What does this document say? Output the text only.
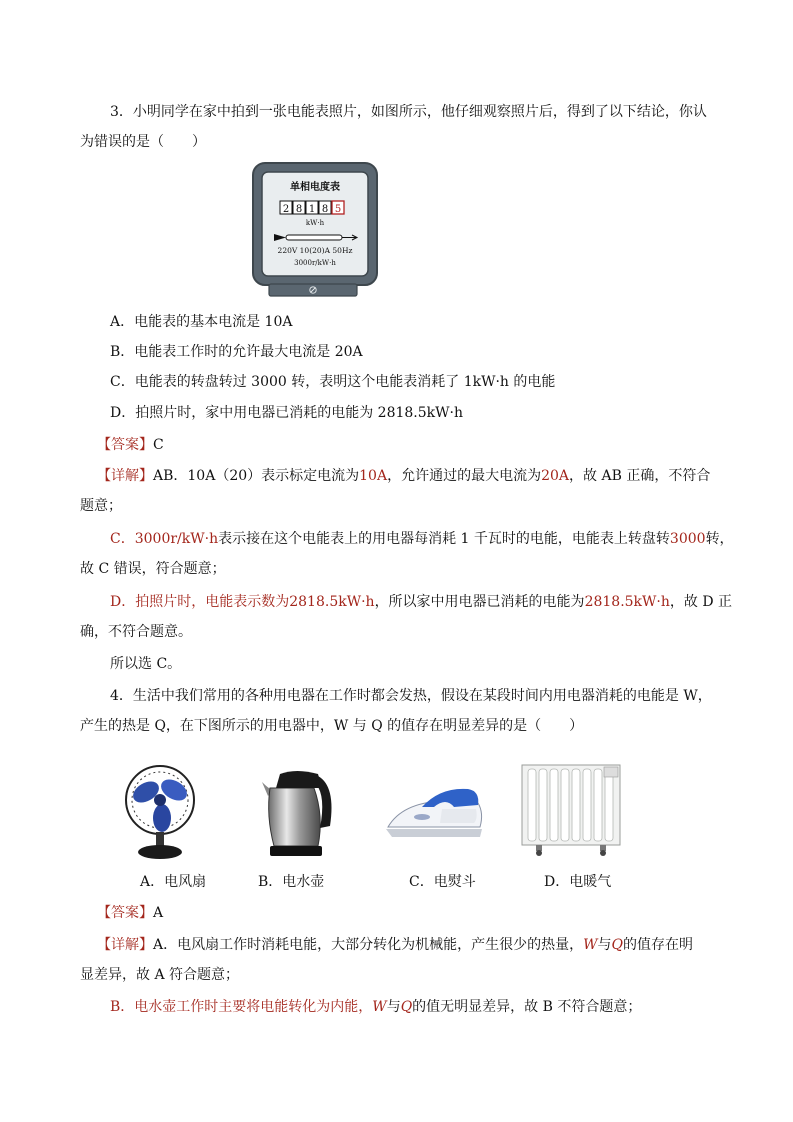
3．小明同学在家中拍到一张电能表照片，如图所示，他仔细观察照片后，得到了以下结论，你认
为错误的是（　　）
单相电度表
2 8 1 8 5
kW·h
220V 10(20)A 50Hz
3000r/kW·h
A．电能表的基本电流是 10A
B．电能表工作时的允许最大电流是 20A
C．电能表的转盘转过 3000 转，表明这个电能表消耗了 1kW·h 的电能
D．拍照片时，家中用电器已消耗的电能为 2818.5kW·h
【答案】C
【详解】AB．10A（20）表示标定电流为10A，允许通过的最大电流为20A，故 AB 正确，不符合
题意；
C．3000r/kW·h表示接在这个电能表上的用电器每消耗 1 千瓦时的电能，电能表上转盘转3000转，
故 C 错误，符合题意；
D．拍照片时，电能表示数为2818.5kW·h，所以家中用电器已消耗的电能为2818.5kW·h，故 D 正
确，不符合题意。
所以选 C。
4．生活中我们常用的各种用电器在工作时都会发热，假设在某段时间内用电器消耗的电能是 W，
产生的热是 Q，在下图所示的用电器中，W 与 Q 的值存在明显差异的是（　　）
A．电风扇	B．电水壶	C．电熨斗	D．电暖气
【答案】A
【详解】A．电风扇工作时消耗电能，大部分转化为机械能，产生很少的热量，W与Q的值存在明
显差异，故 A 符合题意；
B．电水壶工作时主要将电能转化为内能，W与Q的值无明显差异，故 B 不符合题意；
